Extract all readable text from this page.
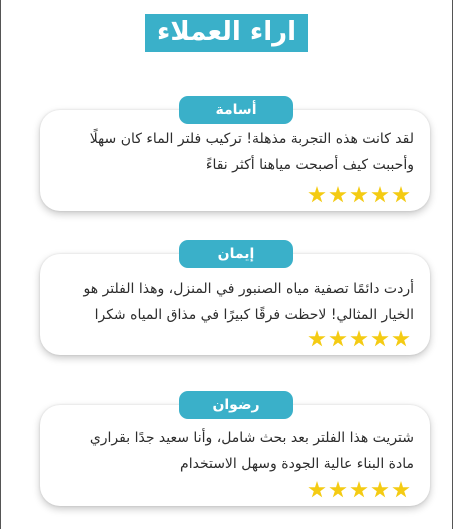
اراء العملاء
أسامة
لقد كانت هذه التجربة مذهلة! تركيب فلتر الماء كان سهلًا
وأحببت كيف أصبحت مياهنا أكثر نقاءً
إيمان
أردت دائمًا تصفية مياه الصنبور في المنزل، وهذا الفلتر هو
الخيار المثالي! لاحظت فرقًا كبيرًا في مذاق المياه شكرا
رضوان
شتريت هذا الفلتر بعد بحث شامل، وأنا سعيد جدًا بقراري
مادة البناء عالية الجودة وسهل الاستخدام
